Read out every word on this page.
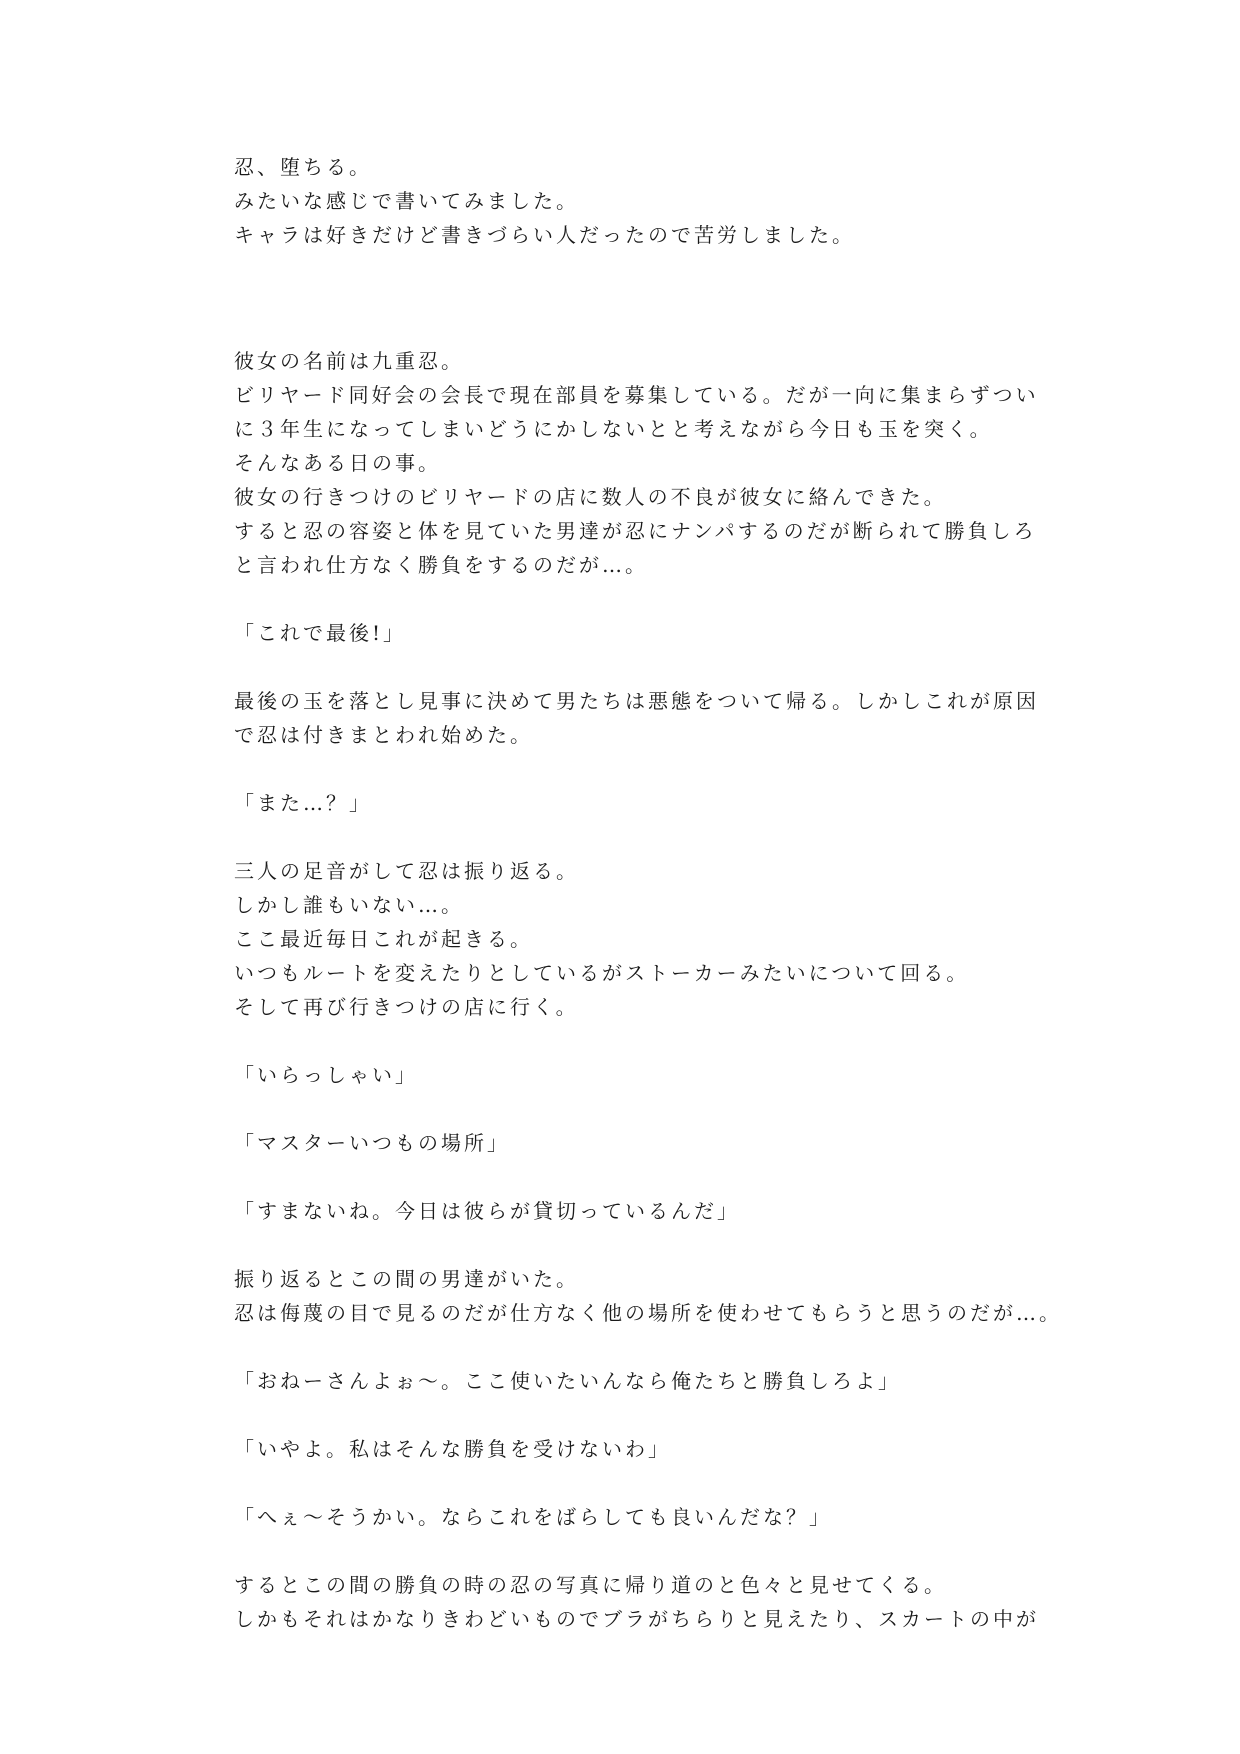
忍、堕ちる。
みたいな感じで書いてみました。
キャラは好きだけど書きづらい人だったので苦労しました。
彼女の名前は九重忍。
ビリヤード同好会の会長で現在部員を募集している。だが一向に集まらずつい
に３年生になってしまいどうにかしないとと考えながら今日も玉を突く。
そんなある日の事。
彼女の行きつけのビリヤードの店に数人の不良が彼女に絡んできた。
すると忍の容姿と体を見ていた男達が忍にナンパするのだが断られて勝負しろ
と言われ仕方なく勝負をするのだが…。
「これで最後!」
最後の玉を落とし見事に決めて男たちは悪態をついて帰る。しかしこれが原因
で忍は付きまとわれ始めた。
「また…？」
三人の足音がして忍は振り返る。
しかし誰もいない…。
ここ最近毎日これが起きる。
いつもルートを変えたりとしているがストーカーみたいについて回る。
そして再び行きつけの店に行く。
「いらっしゃい」
「マスターいつもの場所」
「すまないね。今日は彼らが貸切っているんだ」
振り返るとこの間の男達がいた。
忍は侮蔑の目で見るのだが仕方なく他の場所を使わせてもらうと思うのだが…。
「おねーさんよぉ〜。ここ使いたいんなら俺たちと勝負しろよ」
「いやよ。私はそんな勝負を受けないわ」
「へぇ〜そうかい。ならこれをばらしても良いんだな？」
するとこの間の勝負の時の忍の写真に帰り道のと色々と見せてくる。
しかもそれはかなりきわどいものでブラがちらりと見えたり、スカートの中が
